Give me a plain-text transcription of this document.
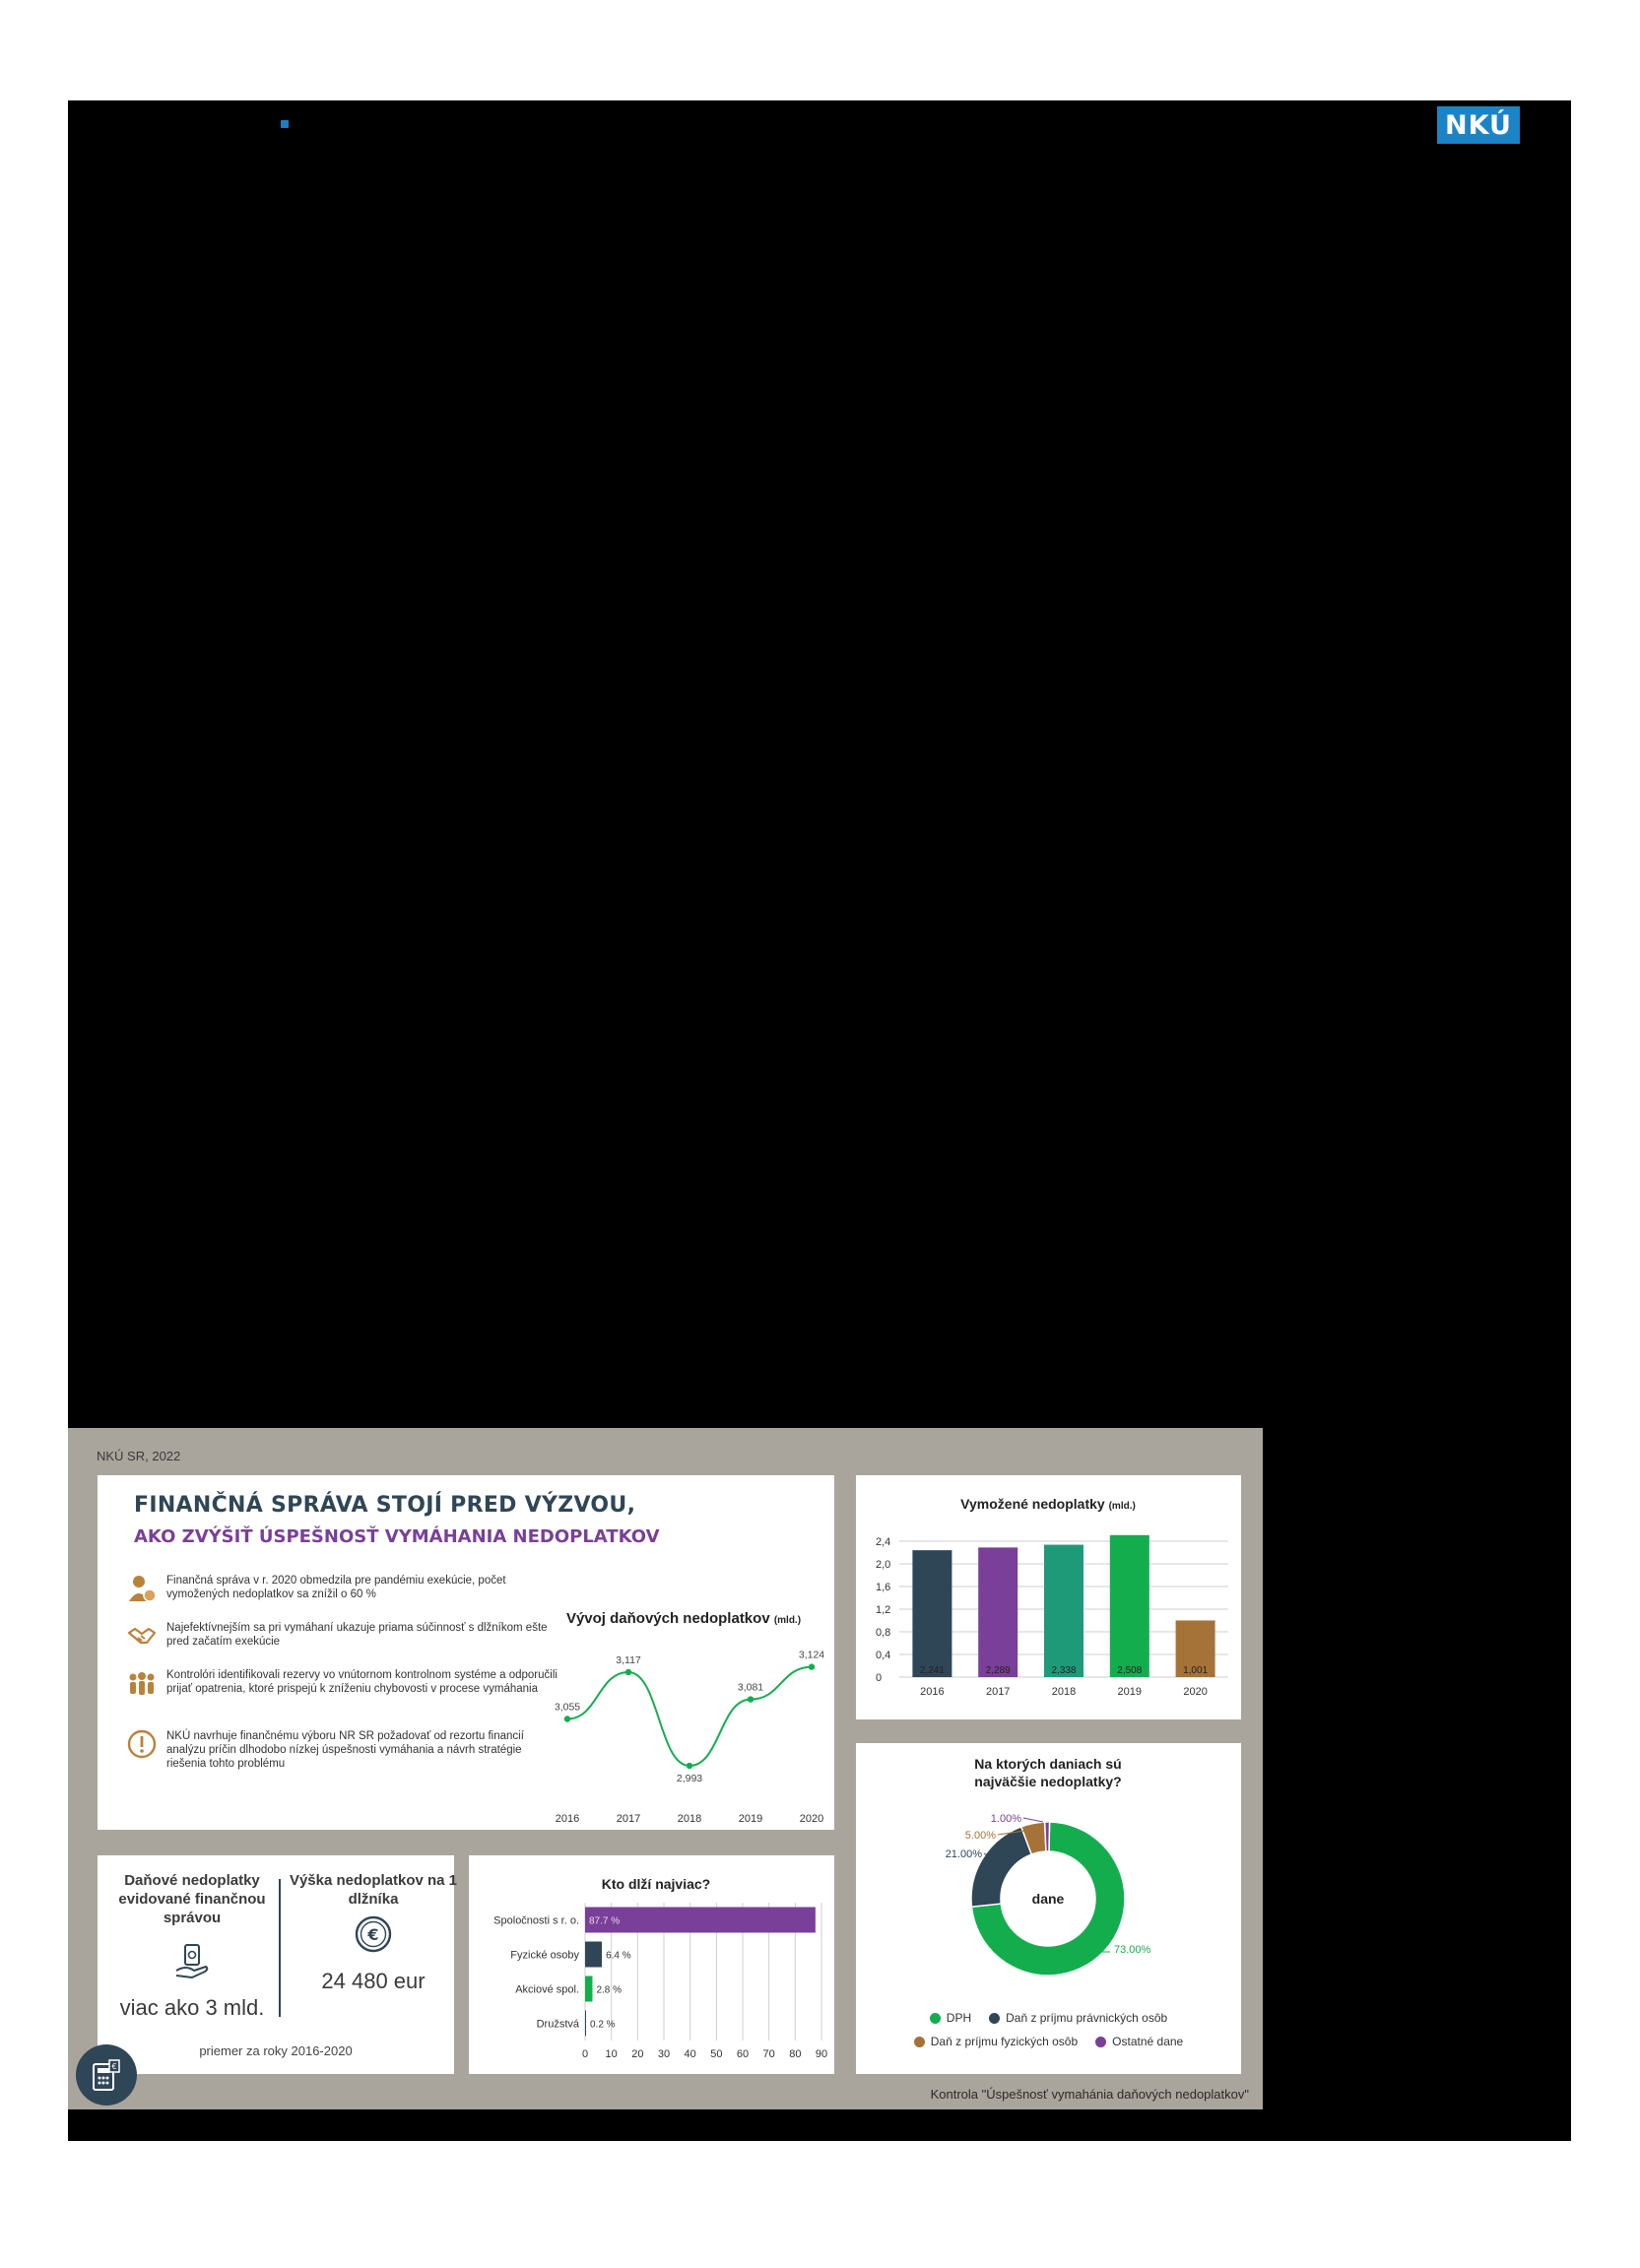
NKÚ
NKÚ SR, 2022
FINANČNÁ SPRÁVA STOJÍ PRED VÝZVOU,
AKO ZVÝŠIŤ ÚSPEŠNOSŤ VYMÁHANIA NEDOPLATKOV
Finančná správa v r. 2020 obmedzila pre pandémiu exekúcie, počet vymožených nedoplatkov sa znížil o 60 %
Najefektívnejším sa pri vymáhaní ukazuje priama súčinnosť s dlžníkom ešte pred začatím exekúcie
Kontrolóri identifikovali rezervy vo vnútornom kontrolnom systéme a odporučili prijať opatrenia, ktoré prispejú k zníženiu chybovosti v procese vymáhania
NKÚ navrhuje finančnému výboru NR SR požadovať od rezortu financií analýzu príčin dlhodobo nízkej úspešnosti vymáhania a návrh stratégie riešenia tohto problému
Vývoj daňových nedoplatkov (mld.)
3,055
2016
3,117
2017
2,993
2018
3,081
2019
3,124
2020
Vymožené nedoplatky (mld.)
0
0,4
0,8
1,2
1,6
2,0
2,4
2,241
2016
2,289
2017
2,338
2018
2,508
2019
1,001
2020
Na ktorých daniach sú
najväčšie nedoplatky?
dane
73.00%
21.00%
5.00%
1.00%
DPH	Daň z príjmu právnických osôb
Daň z príjmu fyzických osôb	Ostatné dane
Daňové nedoplatky evidované finančnou správou
viac ako 3 mld.
Výška nedoplatkov na 1 dlžníka
€
24 480 eur
priemer za roky 2016-2020
Kto dlží najviac?
0 10 20 30 40 50 60 70 80 90
Spoločnosti s r. o. 87.7 %
Fyzické osoby	6.4 %
Akciové spol. 2.8 %
Družstvá 0.2 %
€
Kontrola "Úspešnosť vymahánia daňových nedoplatkov"
